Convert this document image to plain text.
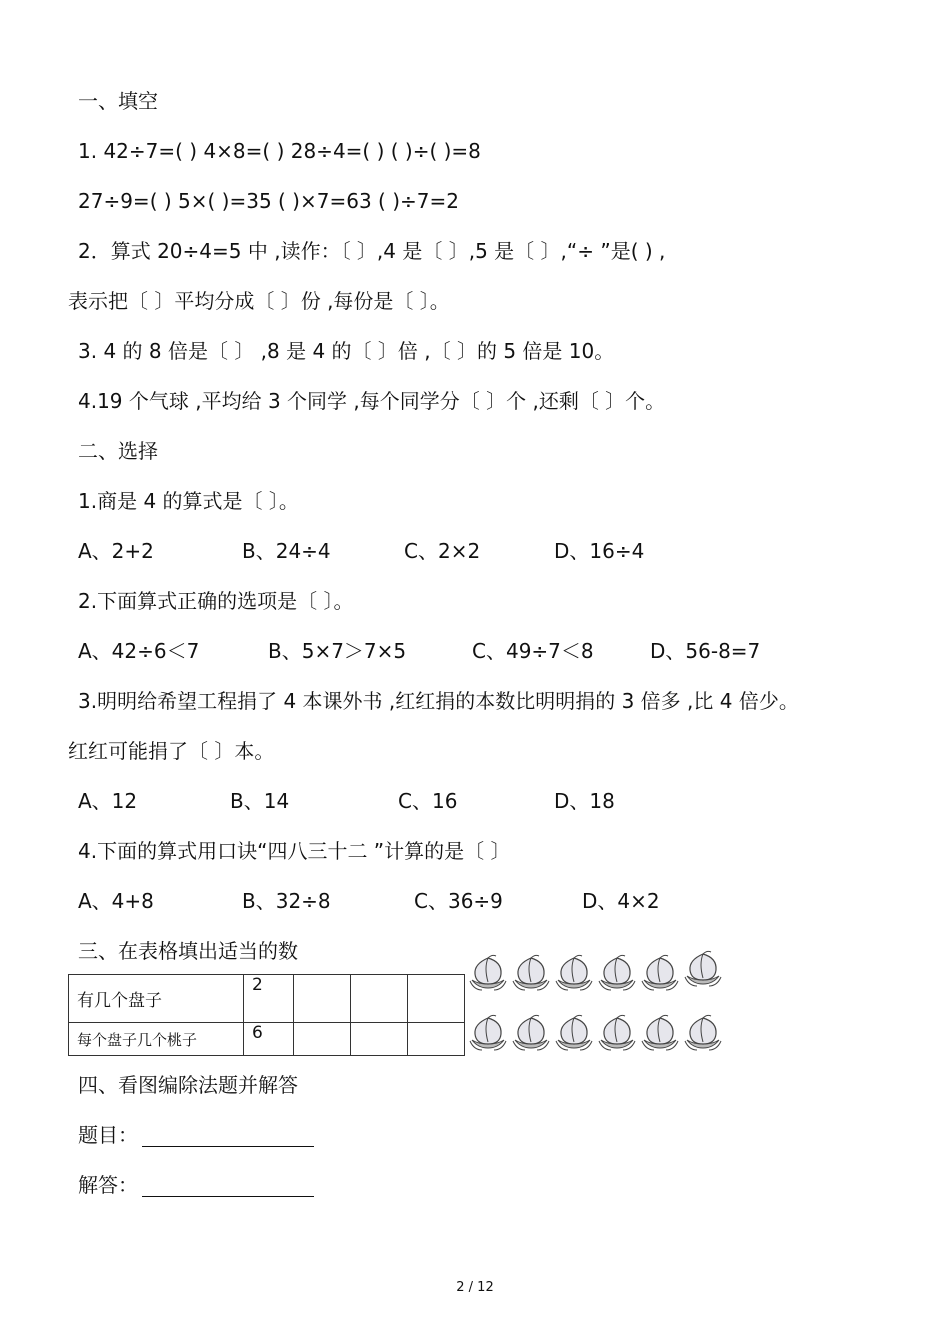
一、填空
1. 42÷7=( ) 4×8=( ) 28÷4=( ) ( )÷( )=8
27÷9=( ) 5×( )=35 ( )×7=63 ( )÷7=2
2．算式 20÷4=5 中 ,读作：〔 〕,4 是〔 〕,5 是〔 〕,“÷ ”是( ) ,
表示把〔 〕平均分成〔 〕份 ,每份是〔 〕。
3. 4 的 8 倍是〔 〕 ,8 是 4 的〔 〕倍 ,〔 〕的 5 倍是 10。
4.19 个气球 ,平均给 3 个同学 ,每个同学分〔 〕个 ,还剩〔 〕个。
二、选择
1.商是 4 的算式是〔 〕。
A、2+2	B、24÷4	C、2×2	D、16÷4
2.下面算式正确的选项是〔 〕。
A、42÷6＜7	B、5×7＞7×5	C、49÷7＜8	D、56-8=7
3.明明给希望工程捐了 4 本课外书 ,红红捐的本数比明明捐的 3 倍多 ,比 4 倍少。
红红可能捐了〔 〕本。
A、12	B、14	C、16	D、18
4.下面的算式用口诀“四八三十二 ”计算的是〔 〕
A、4+8	B、32÷8	C、36÷9	D、4×2
三、在表格填出适当的数
有几个盘子	2			
每个盘子几个桃子	6			
四、看图编除法题并解答
题目：
解答：
2 / 12
